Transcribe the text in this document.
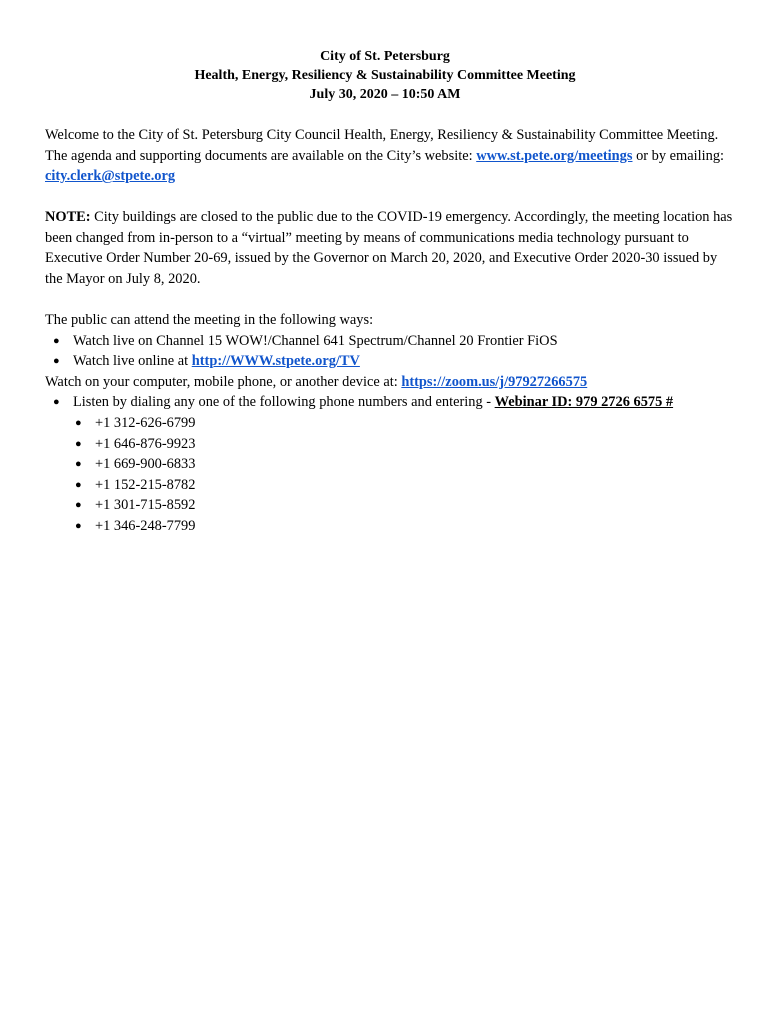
City of St. Petersburg
Health, Energy, Resiliency & Sustainability Committee Meeting
July 30, 2020 – 10:50 AM
Welcome to the City of St. Petersburg City Council Health, Energy, Resiliency & Sustainability Committee Meeting. The agenda and supporting documents are available on the City’s website: www.st.pete.org/meetings or by emailing: city.clerk@stpete.org
NOTE: City buildings are closed to the public due to the COVID-19 emergency. Accordingly, the meeting location has been changed from in-person to a “virtual” meeting by means of communications media technology pursuant to Executive Order Number 20-69, issued by the Governor on March 20, 2020, and Executive Order 2020-30 issued by the Mayor on July 8, 2020.
The public can attend the meeting in the following ways:
● Watch live on Channel 15 WOW!/Channel 641 Spectrum/Channel 20 Frontier FiOS
● Watch live online at http://WWW.stpete.org/TV
Watch on your computer, mobile phone, or another device at: https://zoom.us/j/97927266575
● Listen by dialing any one of the following phone numbers and entering - Webinar ID: 979 2726 6575 #
● +1 312-626-6799
● +1 646-876-9923
● +1 669-900-6833
● +1 152-215-8782
● +1 301-715-8592
● +1 346-248-7799
